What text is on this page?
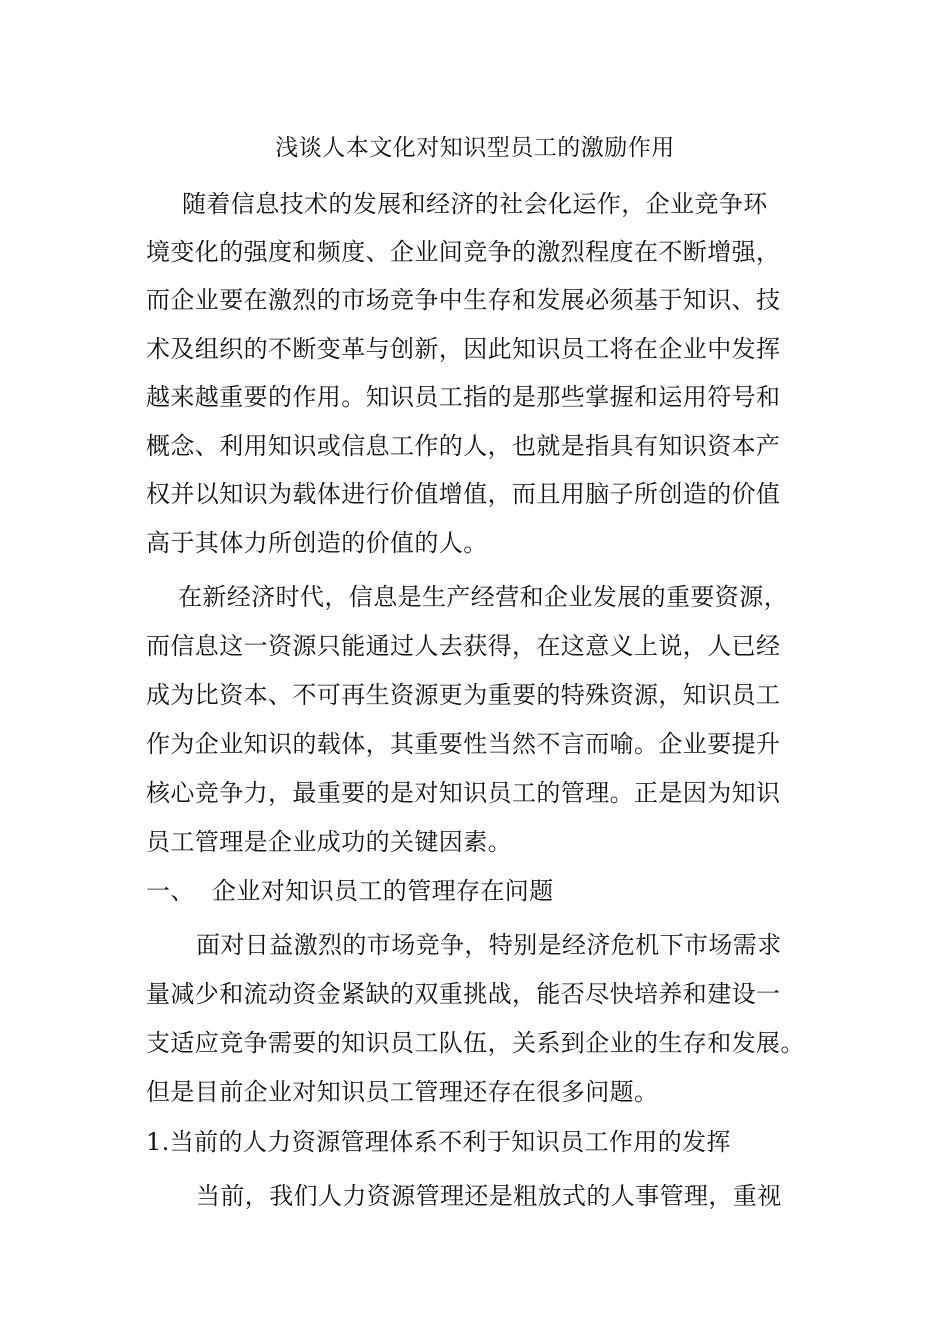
浅谈人本文化对知识型员工的激励作用
随着信息技术的发展和经济的社会化运作，企业竞争环
境变化的强度和频度、企业间竞争的激烈程度在不断增强，
而企业要在激烈的市场竞争中生存和发展必须基于知识、技
术及组织的不断变革与创新，因此知识员工将在企业中发挥
越来越重要的作用。知识员工指的是那些掌握和运用符号和
概念、利用知识或信息工作的人，也就是指具有知识资本产
权并以知识为载体进行价值增值，而且用脑子所创造的价值
高于其体力所创造的价值的人。
在新经济时代，信息是生产经营和企业发展的重要资源，
而信息这一资源只能通过人去获得，在这意义上说，人已经
成为比资本、不可再生资源更为重要的特殊资源，知识员工
作为企业知识的载体，其重要性当然不言而喻。企业要提升
核心竞争力，最重要的是对知识员工的管理。正是因为知识
员工管理是企业成功的关键因素。
一、 企业对知识员工的管理存在问题
面对日益激烈的市场竞争，特别是经济危机下市场需求
量减少和流动资金紧缺的双重挑战，能否尽快培养和建设一
支适应竞争需要的知识员工队伍，关系到企业的生存和发展。
但是目前企业对知识员工管理还存在很多问题。
1.当前的人力资源管理体系不利于知识员工作用的发挥
当前，我们人力资源管理还是粗放式的人事管理，重视
